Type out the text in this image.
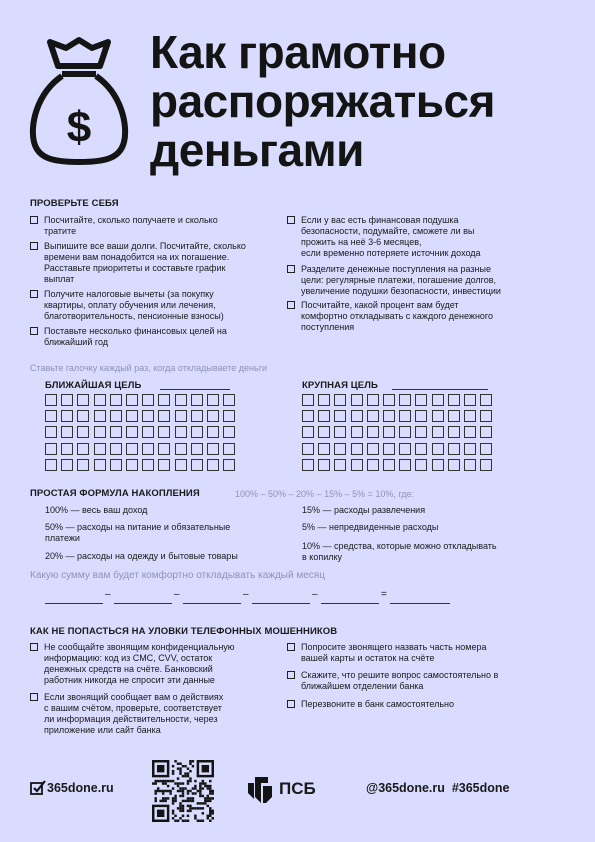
$
Как грамотно
распоряжаться
деньгами
ПРОВЕРЬТЕ СЕБЯ
Посчитайте, сколько получаете и сколько
тратите
Выпишите все ваши долги. Посчитайте, сколько
времени вам понадобится на их погашение.
Расставьте приоритеты и составьте график
выплат
Получите налоговые вычеты (за покупку
квартиры, оплату обучения или лечения,
благотворительность, пенсионные взносы)
Поставьте несколько финансовых целей на
ближайший год
Если у вас есть финансовая подушка
безопасности, подумайте, сможете ли вы
прожить на неё 3-6 месяцев,
если временно потеряете источник дохода
Разделите денежные поступления на разные
цели: регулярные платежи, погашение долгов,
увеличение подушки безопасности, инвестиции
Посчитайте, какой процент вам будет
комфортно откладывать с каждого денежного
поступления
Ставьте галочку каждый раз, когда откладываете деньги
БЛИЖАЙШАЯ ЦЕЛЬ	КРУПНАЯ ЦЕЛЬ
ПРОСТАЯ ФОРМУЛА НАКОПЛЕНИЯ	100% – 50% – 20% – 15% – 5% = 10%, где:
100% — весь ваш доход
50% — расходы на питание и обязательные
платежи
20% — расходы на одежду и бытовые товары
15% — расходы развлечения
5% — непредвиденные расходы
10% — средства, которые можно откладывать
в копилку
Какую сумму вам будет комфортно откладывать каждый месяц
–	–	–	–	=
КАК НЕ ПОПАСТЬСЯ НА УЛОВКИ ТЕЛЕФОННЫХ МОШЕННИКОВ
Не сообщайте звонящим конфиденциальную
информацию: код из СМС, CVV, остаток
денежных средств на счёте. Банковский
работник никогда не спросит эти данные
Если звонящий сообщает вам о действиях
с вашим счётом, проверьте, соответствует
ли информация действительности, через
приложение или сайт банка
Попросите звонящего назвать часть номера
вашей карты и остаток на счёте
Скажите, что решите вопрос самостоятельно в
ближайшем отделении банка
Перезвоните в банк самостоятельно
365done.ru	ПСБ	@365done.ru  #365done
